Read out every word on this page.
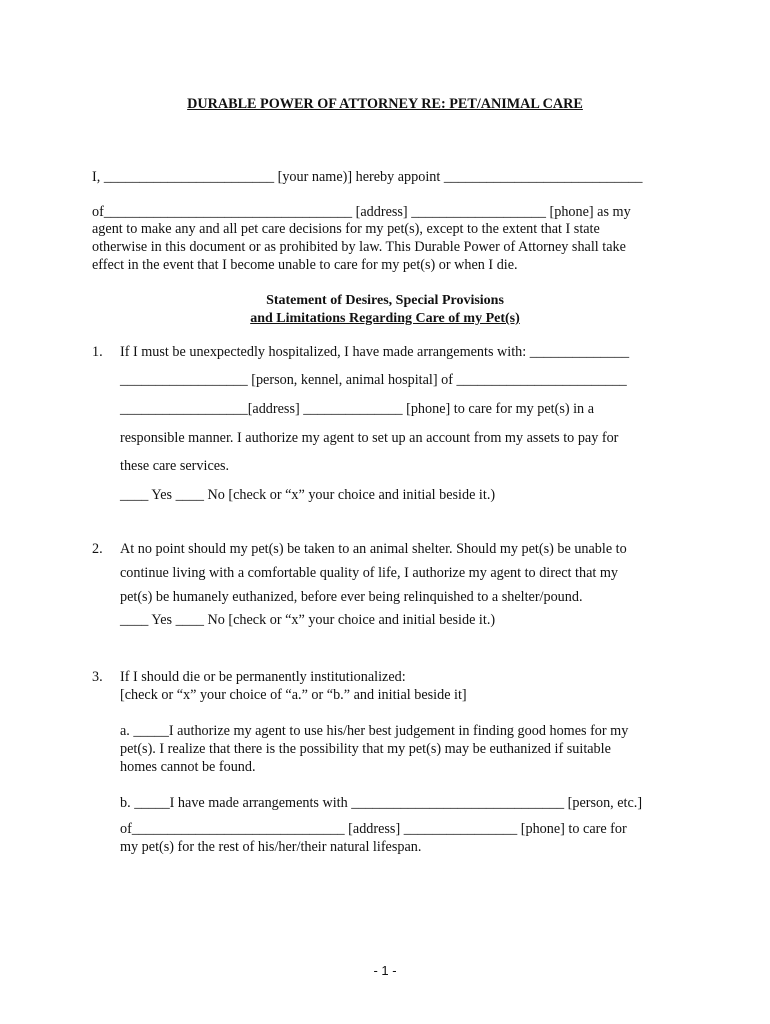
DURABLE POWER OF ATTORNEY RE: PET/ANIMAL CARE
I, ________________________ [your name)] hereby appoint ____________________________
of___________________________________ [address] ___________________ [phone] as my
agent to make any and all pet care decisions for my pet(s), except to the extent that I state
otherwise in this document or as prohibited by law. This Durable Power of Attorney shall take
effect in the event that I become unable to care for my pet(s) or when I die.
Statement of Desires, Special Provisions
and Limitations Regarding Care of my Pet(s)
1. If I must be unexpectedly hospitalized, I have made arrangements with: ______________
__________________ [person, kennel, animal hospital] of ________________________
__________________[address] ______________ [phone] to care for my pet(s) in a
responsible manner. I authorize my agent to set up an account from my assets to pay for
these care services.
____ Yes ____ No [check or “x” your choice and initial beside it.)
2. At no point should my pet(s) be taken to an animal shelter. Should my pet(s) be unable to
continue living with a comfortable quality of life, I authorize my agent to direct that my
pet(s) be humanely euthanized, before ever being relinquished to a shelter/pound.
____ Yes ____ No [check or “x” your choice and initial beside it.)
3. If I should die or be permanently institutionalized:
[check or “x” your choice of “a.” or “b.” and initial beside it]
a. _____I authorize my agent to use his/her best judgement in finding good homes for my
pet(s). I realize that there is the possibility that my pet(s) may be euthanized if suitable
homes cannot be found.
b. _____I have made arrangements with ______________________________ [person, etc.]
of______________________________ [address] ________________ [phone] to care for
my pet(s) for the rest of his/her/their natural lifespan.
- 1 -
